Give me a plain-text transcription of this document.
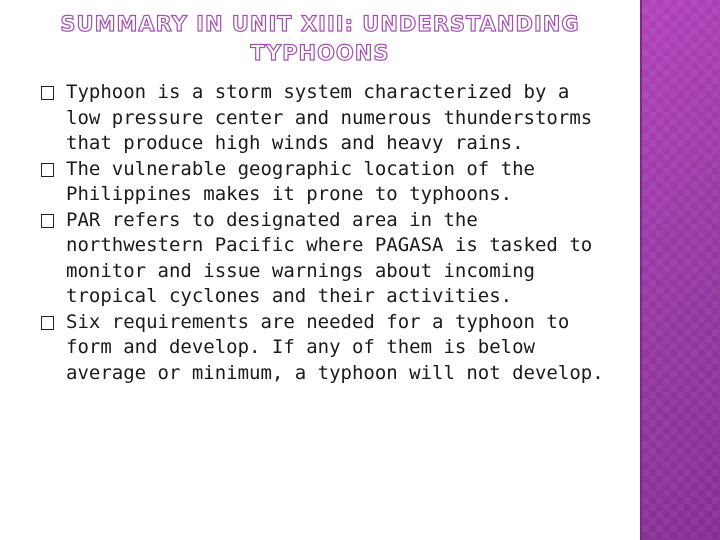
SUMMARY IN UNIT XIII: UNDERSTANDING TYPHOONS
Typhoon is a storm system characterized by a low pressure center and numerous thunderstorms that produce high winds and heavy rains.
The vulnerable geographic location of the Philippines makes it prone to typhoons.
PAR refers to designated area in the northwestern Pacific where PAGASA is tasked to monitor and issue warnings about incoming tropical cyclones and their activities.
Six requirements are needed for a typhoon to form and develop. If any of them is below average or minimum, a typhoon will not develop.
